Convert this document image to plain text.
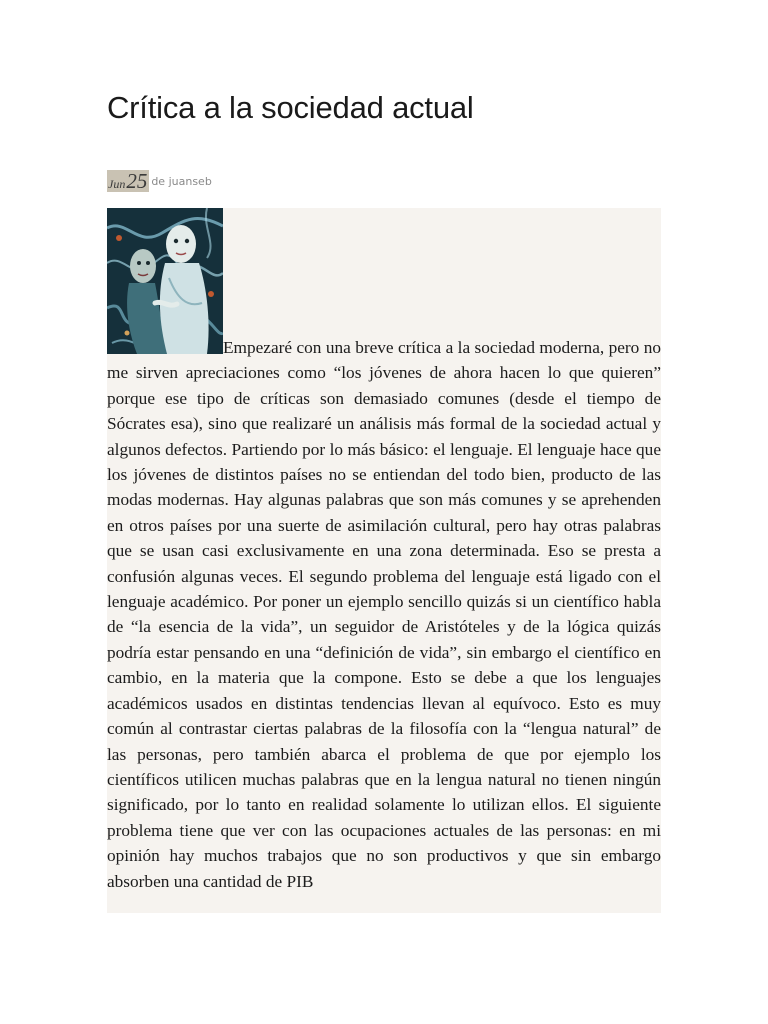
Crítica a la sociedad actual
Jun 25 de juanseb

Empezaré con una breve crítica a la sociedad moderna, pero no me sirven apreciaciones como “los jóvenes de ahora hacen lo que quieren” porque ese tipo de críticas son demasiado comunes (desde el tiempo de Sócrates esa), sino que realizaré un análisis más formal de la sociedad actual y algunos defectos. Partiendo por lo más básico: el lenguaje. El lenguaje hace que los jóvenes de distintos países no se entiendan del todo bien, producto de las modas modernas. Hay algunas palabras que son más comunes y se aprehenden en otros países por una suerte de asimilación cultural, pero hay otras palabras que se usan casi exclusivamente en una zona determinada. Eso se presta a confusión algunas veces. El segundo problema del lenguaje está ligado con el lenguaje académico. Por poner un ejemplo sencillo quizás si un científico habla de “la esencia de la vida”, un seguidor de Aristóteles y de la lógica quizás podría estar pensando en una “definición de vida”, sin embargo el científico en cambio, en la materia que la compone. Esto se debe a que los lenguajes académicos usados en distintas tendencias llevan al equívoco. Esto es muy común al contrastar ciertas palabras de la filosofía con la “lengua natural” de las personas, pero también abarca el problema de que por ejemplo los científicos utilicen muchas palabras que en la lengua natural no tienen ningún significado, por lo tanto en realidad solamente lo utilizan ellos. El siguiente problema tiene que ver con las ocupaciones actuales de las personas: en mi opinión hay muchos trabajos que no son productivos y que sin embargo absorben una cantidad de PIB
